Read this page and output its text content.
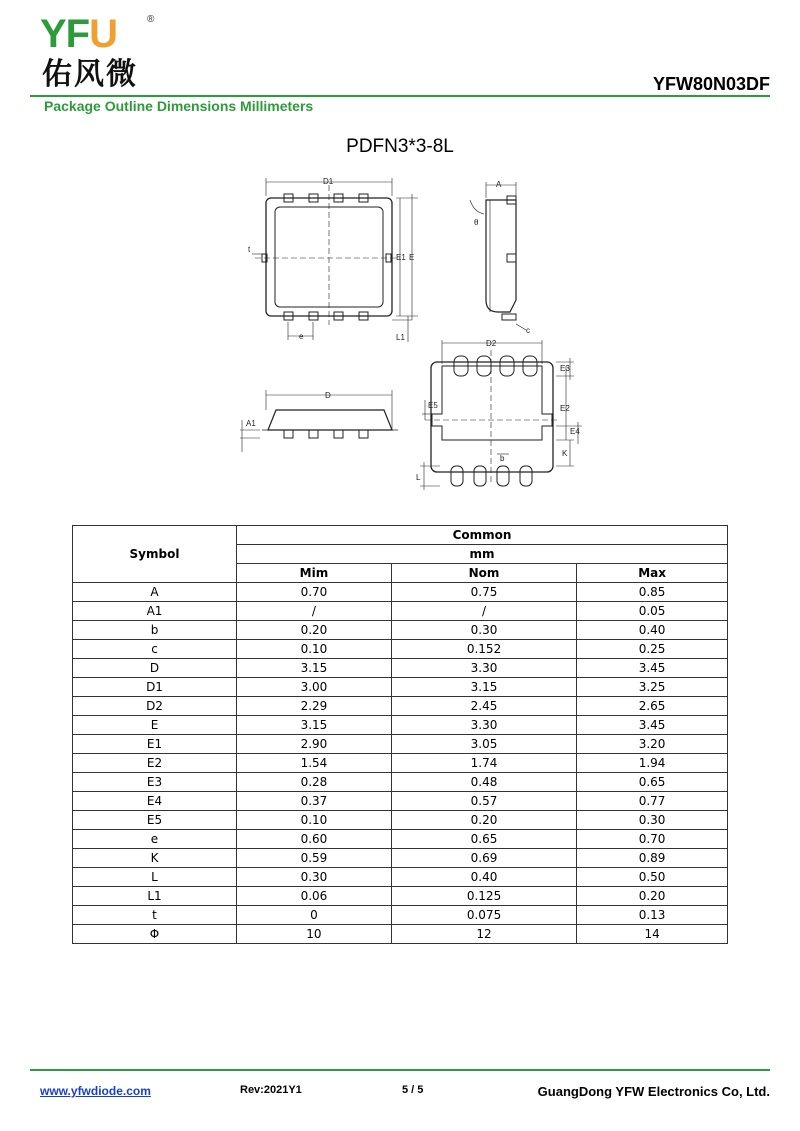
YFU	®
佑风微	YFW80N03DF
Package Outline Dimensions Millimeters
PDFN3*3-8L
D1
E1 E
t
e	L1
A
θ
c
D
A1
D2
E3
E2
E4
K
E5
b
L
Symbol	Common		
	mm		
	Mim	Nom	Max
A	0.70	0.75	0.85
A1	/	/	0.05
b	0.20	0.30	0.40
c	0.10	0.152	0.25
D	3.15	3.30	3.45
D1	3.00	3.15	3.25
D2	2.29	2.45	2.65
E	3.15	3.30	3.45
E1	2.90	3.05	3.20
E2	1.54	1.74	1.94
E3	0.28	0.48	0.65
E4	0.37	0.57	0.77
E5	0.10	0.20	0.30
e	0.60	0.65	0.70
K	0.59	0.69	0.89
L	0.30	0.40	0.50
L1	0.06	0.125	0.20
t	0	0.075	0.13
Φ	10	12	14
www.yfwdiode.com	Rev:2021Y1	5 / 5	GuangDong YFW Electronics Co, Ltd.
